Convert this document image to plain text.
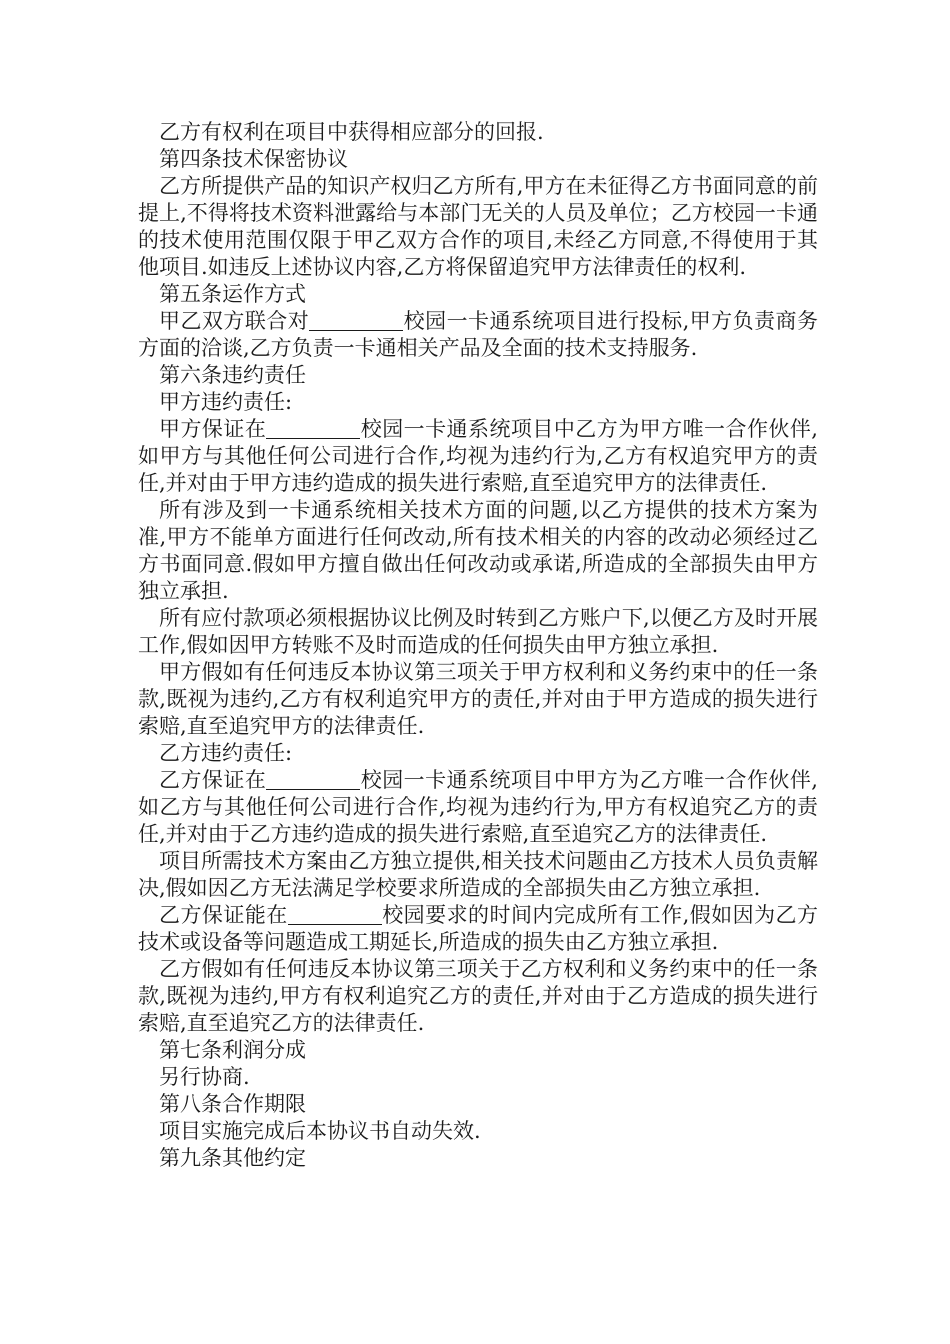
乙方有权利在项目中获得相应部分的回报.

第四条技术保密协议

乙方所提供产品的知识产权归乙方所有,甲方在未征得乙方书面同意的前提上,不得将技术资料泄露给与本部门无关的人员及单位；乙方校园一卡通的技术使用范围仅限于甲乙双方合作的项目,未经乙方同意,不得使用于其他项目.如违反上述协议内容,乙方将保留追究甲方法律责任的权利.

第五条运作方式

甲乙双方联合对	校园一卡通系统项目进行投标,甲方负责商务方面的洽谈,乙方负责一卡通相关产品及全面的技术支持服务.

第六条违约责任

甲方违约责任:

甲方保证在	校园一卡通系统项目中乙方为甲方唯一合作伙伴,如甲方与其他任何公司进行合作,均视为违约行为,乙方有权追究甲方的责任,并对由于甲方违约造成的损失进行索赔,直至追究甲方的法律责任.

所有涉及到一卡通系统相关技术方面的问题,以乙方提供的技术方案为准,甲方不能单方面进行任何改动,所有技术相关的内容的改动必须经过乙方书面同意.假如甲方擅自做出任何改动或承诺,所造成的全部损失由甲方独立承担.

所有应付款项必须根据协议比例及时转到乙方账户下,以便乙方及时开展工作,假如因甲方转账不及时而造成的任何损失由甲方独立承担.

甲方假如有任何违反本协议第三项关于甲方权利和义务约束中的任一条款,既视为违约,乙方有权利追究甲方的责任,并对由于甲方造成的损失进行索赔,直至追究甲方的法律责任.

乙方违约责任:

乙方保证在	校园一卡通系统项目中甲方为乙方唯一合作伙伴,如乙方与其他任何公司进行合作,均视为违约行为,甲方有权追究乙方的责任,并对由于乙方违约造成的损失进行索赔,直至追究乙方的法律责任.

项目所需技术方案由乙方独立提供,相关技术问题由乙方技术人员负责解决,假如因乙方无法满足学校要求所造成的全部损失由乙方独立承担.

乙方保证能在	校园要求的时间内完成所有工作,假如因为乙方技术或设备等问题造成工期延长,所造成的损失由乙方独立承担.

乙方假如有任何违反本协议第三项关于乙方权利和义务约束中的任一条款,既视为违约,甲方有权利追究乙方的责任,并对由于乙方造成的损失进行索赔,直至追究乙方的法律责任.

第七条利润分成

另行协商.

第八条合作期限

项目实施完成后本协议书自动失效.

第九条其他约定
